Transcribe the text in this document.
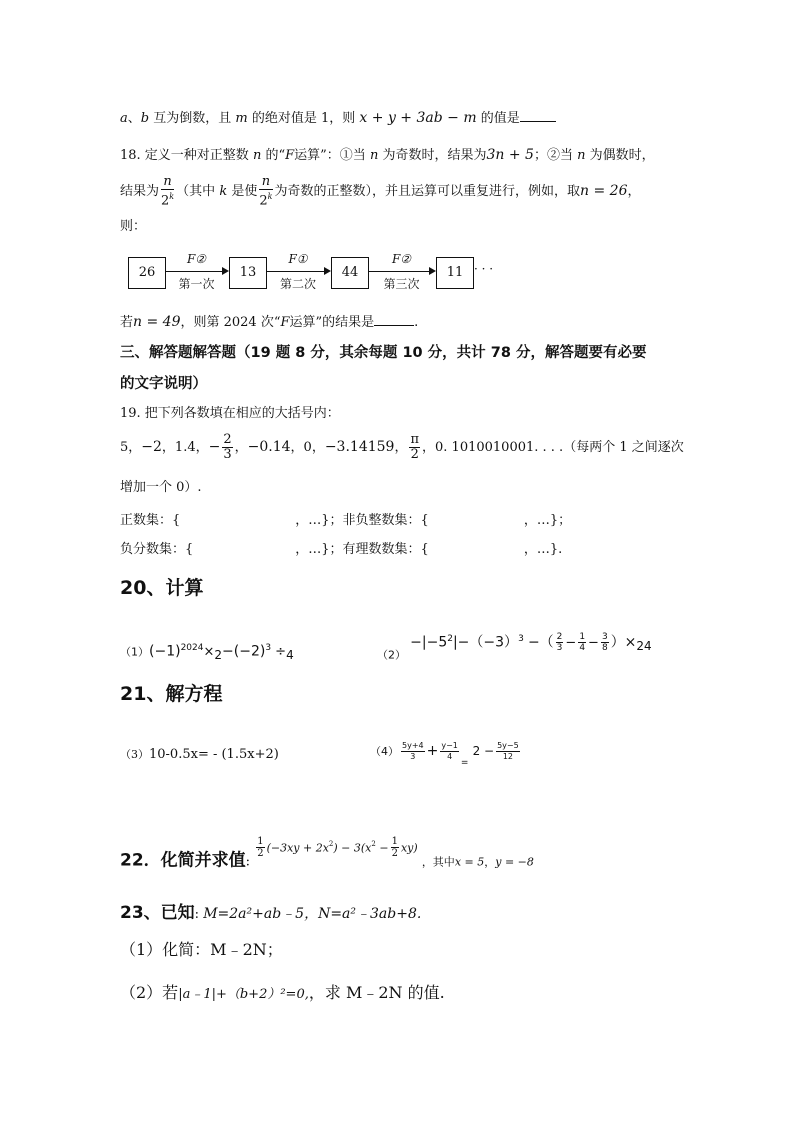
a、b 互为倒数，且 m 的绝对值是 1，则 x + y + 3ab − m 的值是
18. 定义一种对正整数 n 的“F运算”：①当 n 为奇数时，结果为3n + 5；②当 n 为偶数时，
结果为 $\frac{n}{2^k}$ （其中 k 是使 $\frac{n}{2^k}$ 为奇数的正整数），并且运算可以重复进行，例如，取n = 26，
则：
26	13	44	11
F②	F①	F②
第一次	第二次	第三次
· · ·
若n = 49，则第 2024 次“F运算”的结果是	.
三、解答题解答题（19 题 8 分，其余每题 10 分，共计 78 分，解答题要有必要
的文字说明）
19. 把下列各数填在相应的大括号内：
5，−2，1.4，− $\frac{2}{3}$ ，−0.14̇，0，−3.14159， $\frac{\pi}{2}$ ，0. 1010010001. . . .（每两个 1 之间逐次
增加一个 0）.
正数集：{	，…}；非负整数集：{	，…}；
负分数集：{	，…}；有理数数集：{	，…}.
20、计算
$(1)(-1)^{2024}\times_2-(-2)^3 \div_4$	$_{(2)} -|-5^2|-(-3)^3$ −（ $\frac{2}{3} - \frac{1}{4} - \frac{3}{8} )\times_{24}$
21、解方程
（3）10-0.5x= - (1.5x+2)	$(4) \frac{5y+4}{3} + \frac{y-1}{4}$
$_=$ $2 - \frac{5y-5}{12}$
22．化简并求值:
$\frac{1}{2} (-3xy + 2x^2) - 3(x^2 - \frac{1}{2} xy)$ ，其中x = 5，y = −8
23、已知: M=2a²+ab﹣5，N=a²﹣3ab+8.
（1）化简：M﹣2N；
（2）若|a﹣1|+（b+2）²=0,，求 M﹣2N 的值.
